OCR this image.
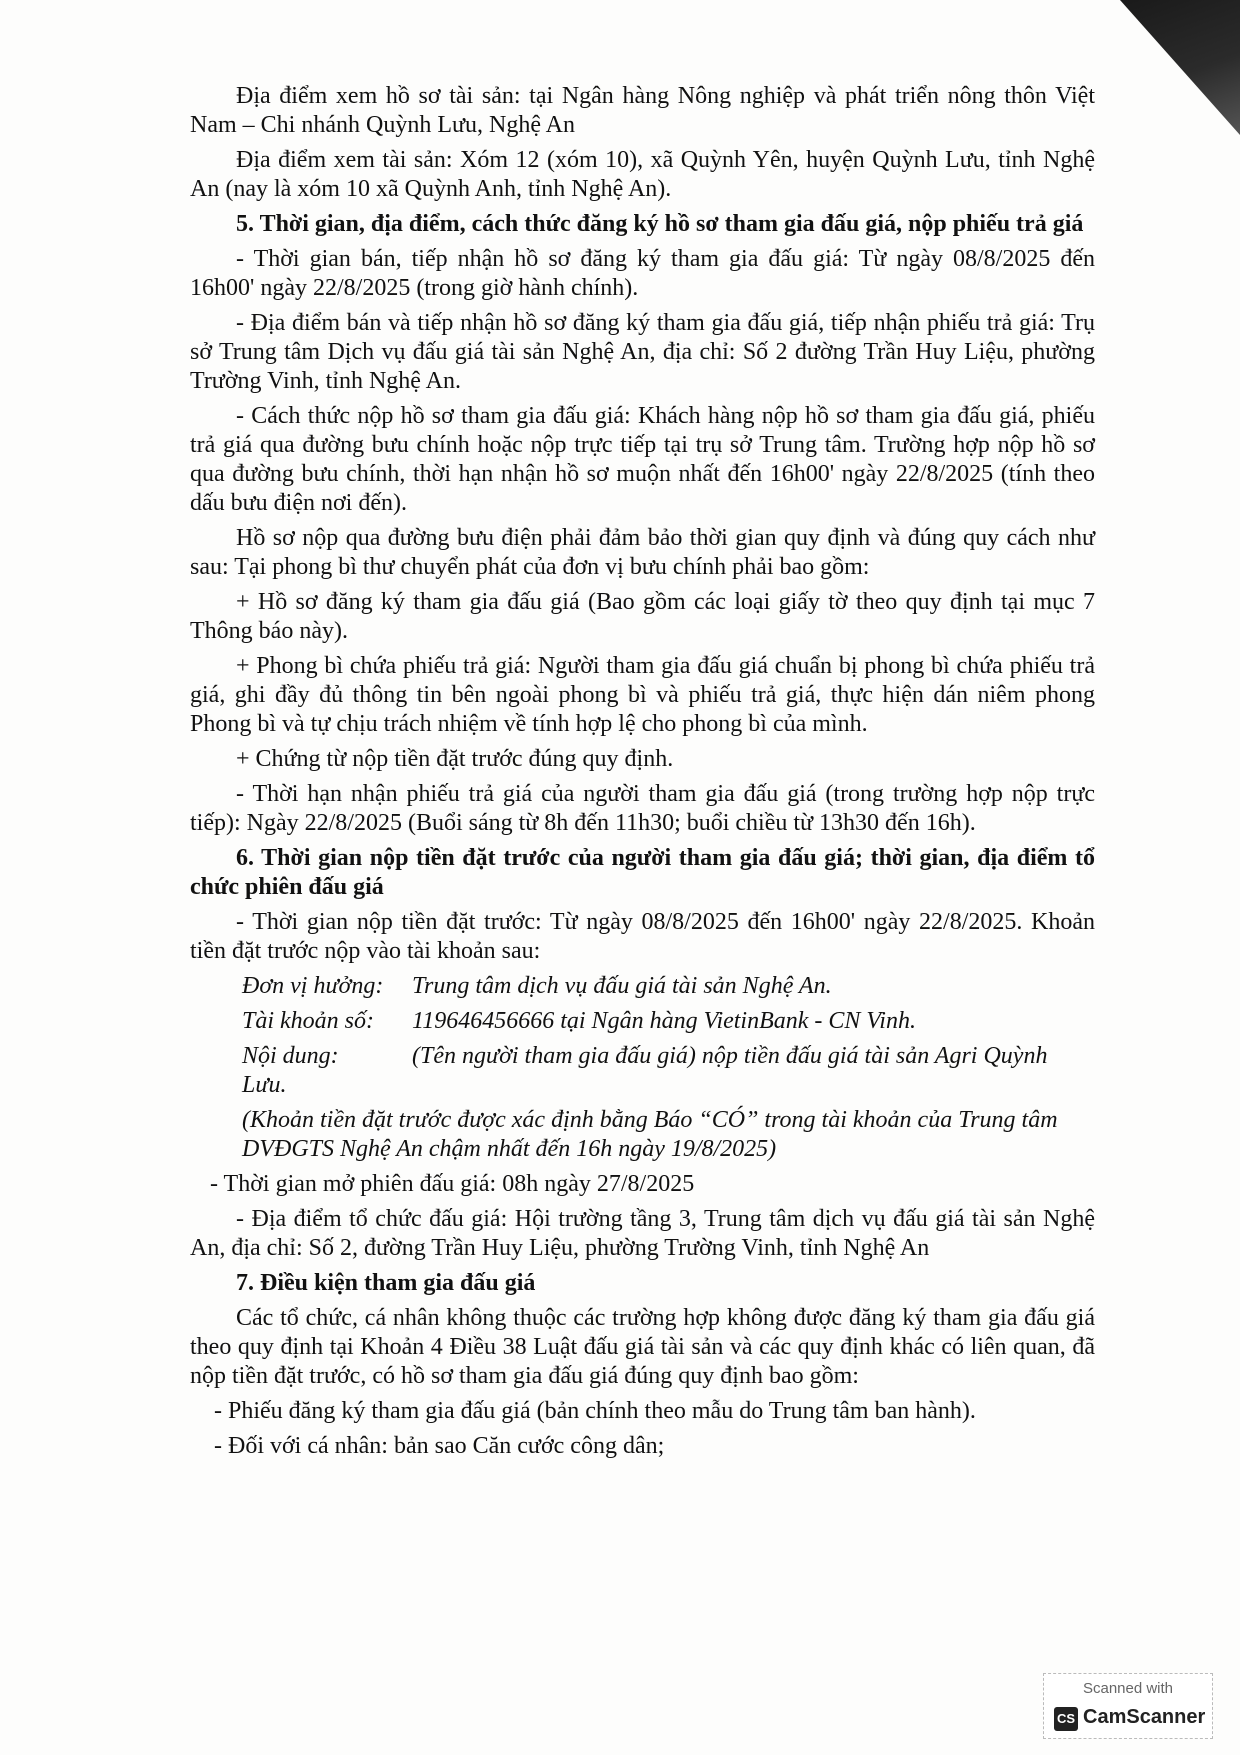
Địa điểm xem hồ sơ tài sản: tại Ngân hàng Nông nghiệp và phát triển nông thôn Việt Nam – Chi nhánh Quỳnh Lưu, Nghệ An

Địa điểm xem tài sản: Xóm 12 (xóm 10), xã Quỳnh Yên, huyện Quỳnh Lưu, tỉnh Nghệ An (nay là xóm 10 xã Quỳnh Anh, tỉnh Nghệ An).

5. Thời gian, địa điểm, cách thức đăng ký hồ sơ tham gia đấu giá, nộp phiếu trả giá

- Thời gian bán, tiếp nhận hồ sơ đăng ký tham gia đấu giá: Từ ngày 08/8/2025 đến 16h00' ngày 22/8/2025 (trong giờ hành chính).

- Địa điểm bán và tiếp nhận hồ sơ đăng ký tham gia đấu giá, tiếp nhận phiếu trả giá: Trụ sở Trung tâm Dịch vụ đấu giá tài sản Nghệ An, địa chỉ: Số 2 đường Trần Huy Liệu, phường Trường Vinh, tỉnh Nghệ An.

- Cách thức nộp hồ sơ tham gia đấu giá: Khách hàng nộp hồ sơ tham gia đấu giá, phiếu trả giá qua đường bưu chính hoặc nộp trực tiếp tại trụ sở Trung tâm. Trường hợp nộp hồ sơ qua đường bưu chính, thời hạn nhận hồ sơ muộn nhất đến 16h00' ngày 22/8/2025 (tính theo dấu bưu điện nơi đến).

Hồ sơ nộp qua đường bưu điện phải đảm bảo thời gian quy định và đúng quy cách như sau: Tại phong bì thư chuyển phát của đơn vị bưu chính phải bao gồm:

+ Hồ sơ đăng ký tham gia đấu giá (Bao gồm các loại giấy tờ theo quy định tại mục 7 Thông báo này).

+ Phong bì chứa phiếu trả giá: Người tham gia đấu giá chuẩn bị phong bì chứa phiếu trả giá, ghi đầy đủ thông tin bên ngoài phong bì và phiếu trả giá, thực hiện dán niêm phong Phong bì và tự chịu trách nhiệm về tính hợp lệ cho phong bì của mình.

+ Chứng từ nộp tiền đặt trước đúng quy định.

- Thời hạn nhận phiếu trả giá của người tham gia đấu giá (trong trường hợp nộp trực tiếp): Ngày 22/8/2025 (Buổi sáng từ 8h đến 11h30; buổi chiều từ 13h30 đến 16h).

6. Thời gian nộp tiền đặt trước của người tham gia đấu giá; thời gian, địa điểm tổ chức phiên đấu giá

- Thời gian nộp tiền đặt trước: Từ ngày 08/8/2025 đến 16h00' ngày 22/8/2025. Khoản tiền đặt trước nộp vào tài khoản sau:

Đơn vị hưởng:	Trung tâm dịch vụ đấu giá tài sản Nghệ An.
Tài khoản số:	119646456666 tại Ngân hàng VietinBank - CN Vinh.
Nội dung:	(Tên người tham gia đấu giá) nộp tiền đấu giá tài sản Agri Quỳnh
Lưu.
(Khoản tiền đặt trước được xác định bằng Báo “CÓ” trong tài khoản của Trung tâm DVĐGTS Nghệ An chậm nhất đến 16h ngày 19/8/2025)

- Thời gian mở phiên đấu giá: 08h ngày 27/8/2025

- Địa điểm tổ chức đấu giá: Hội trường tầng 3, Trung tâm dịch vụ đấu giá tài sản Nghệ An, địa chỉ: Số 2, đường Trần Huy Liệu, phường Trường Vinh, tỉnh Nghệ An

7. Điều kiện tham gia đấu giá

Các tổ chức, cá nhân không thuộc các trường hợp không được đăng ký tham gia đấu giá theo quy định tại Khoản 4 Điều 38 Luật đấu giá tài sản và các quy định khác có liên quan, đã nộp tiền đặt trước, có hồ sơ tham gia đấu giá đúng quy định bao gồm:

- Phiếu đăng ký tham gia đấu giá (bản chính theo mẫu do Trung tâm ban hành).

- Đối với cá nhân: bản sao Căn cước công dân;

Scanned with
CS CamScanner
